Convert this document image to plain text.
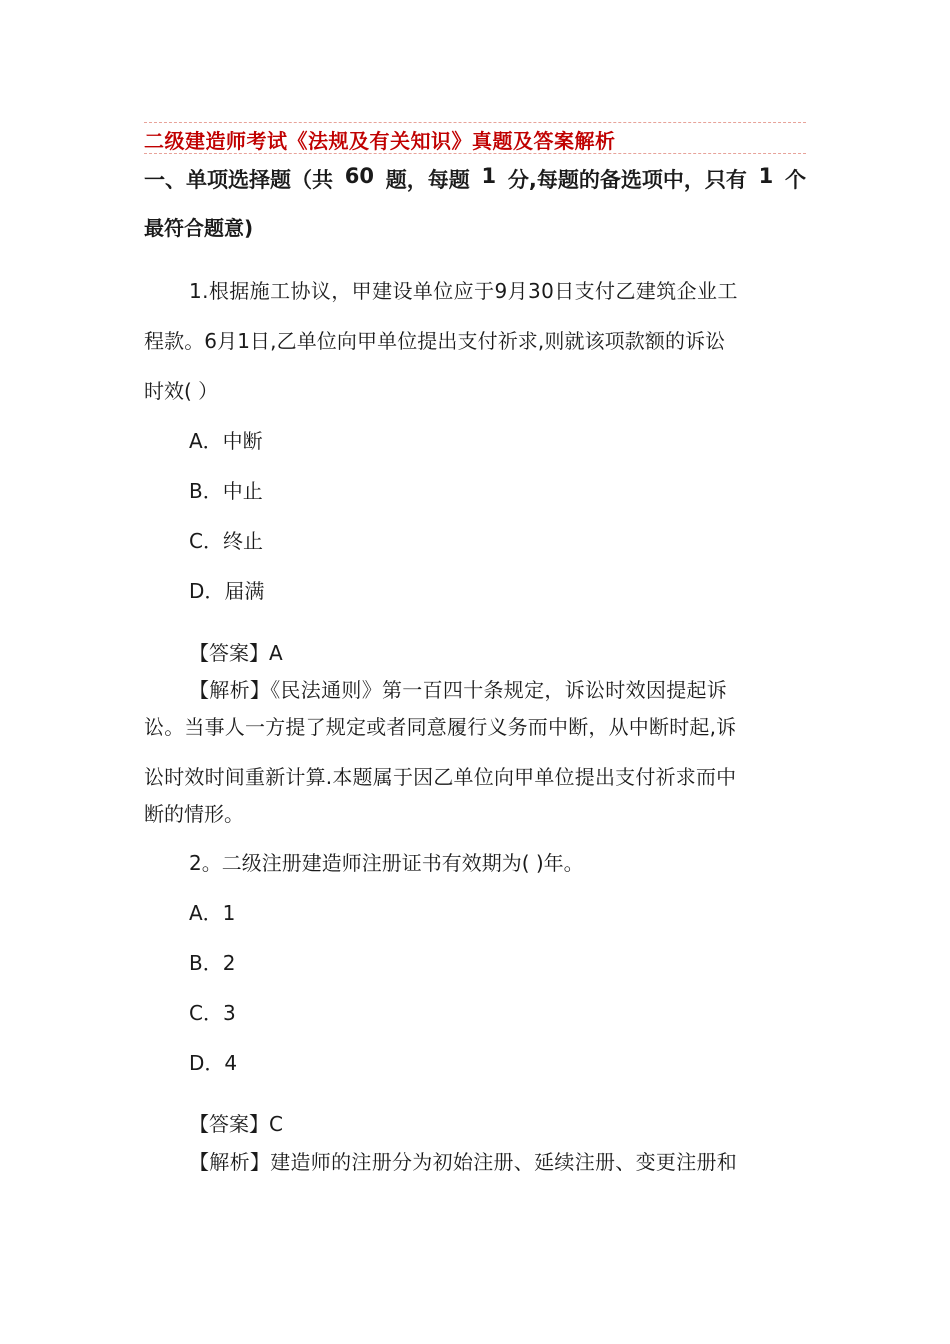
二级建造师考试《法规及有关知识》真题及答案解析
一、单项选择题（共 60 题，每题 1 分,每题的备选项中，只有 1 个
最符合题意)
1.根据施工协议，甲建设单位应于9月30日支付乙建筑企业工
程款。6月1日,乙单位向甲单位提出支付祈求,则就该项款额的诉讼
时效( ）
A．中断
B．中止
C．终止
D．届满
【答案】A
【解析】《民法通则》第一百四十条规定，诉讼时效因提起诉
讼。当事人一方提了规定或者同意履行义务而中断，从中断时起,诉
讼时效时间重新计算.本题属于因乙单位向甲单位提出支付祈求而中
断的情形。
2。二级注册建造师注册证书有效期为( )年。
A．1
B．2
C．3
D．4
【答案】C
【解析】建造师的注册分为初始注册、延续注册、变更注册和
